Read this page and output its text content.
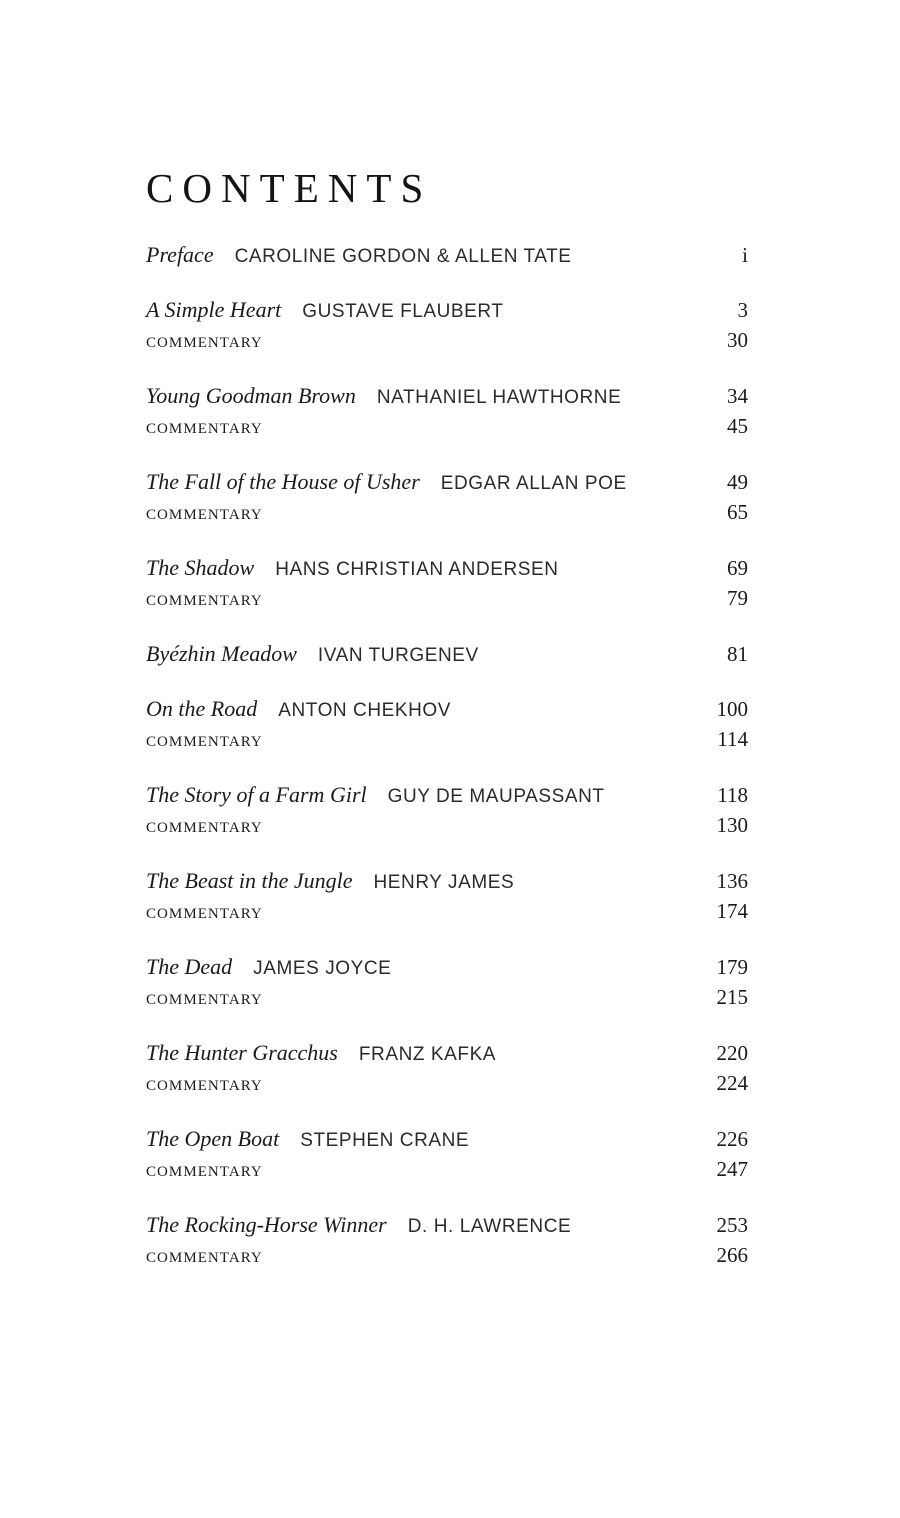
CONTENTS
Preface CAROLINE GORDON & ALLEN TATE	i
A Simple Heart GUSTAVE FLAUBERT	3
COMMENTARY	30
Young Goodman Brown NATHANIEL HAWTHORNE	34
COMMENTARY	45
The Fall of the House of Usher EDGAR ALLAN POE	49
COMMENTARY	65
The Shadow HANS CHRISTIAN ANDERSEN	69
COMMENTARY	79
Byézhin Meadow IVAN TURGENEV	81
On the Road ANTON CHEKHOV	100
COMMENTARY	114
The Story of a Farm Girl GUY DE MAUPASSANT	118
COMMENTARY	130
The Beast in the Jungle HENRY JAMES	136
COMMENTARY	174
The Dead JAMES JOYCE	179
COMMENTARY	215
The Hunter Gracchus FRANZ KAFKA	220
COMMENTARY	224
The Open Boat STEPHEN CRANE	226
COMMENTARY	247
The Rocking-Horse Winner D. H. LAWRENCE	253
COMMENTARY	266
